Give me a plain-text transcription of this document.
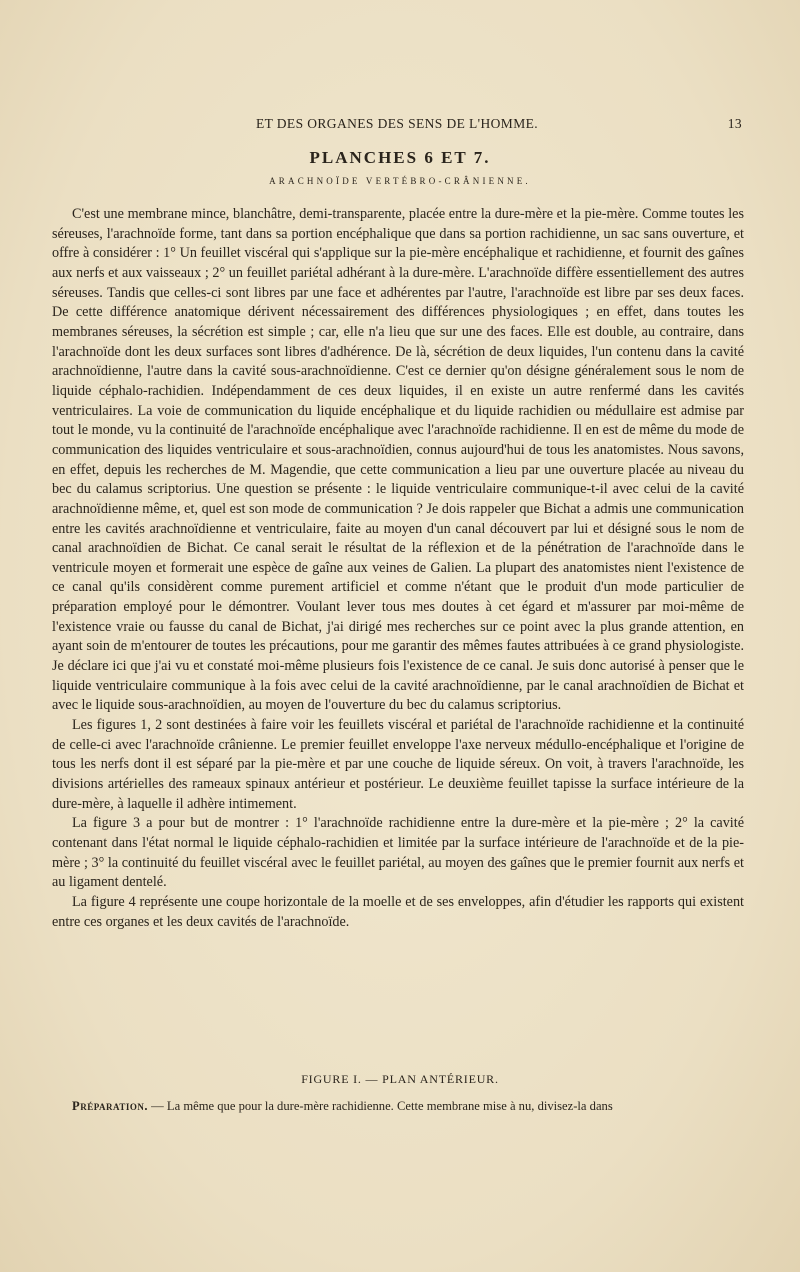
ET DES ORGANES DES SENS DE L'HOMME.	13
PLANCHES 6 ET 7.
ARACHNOÏDE VERTÉBRO-CRÂNIENNE.

C'est une membrane mince, blanchâtre, demi-transparente, placée entre la dure-mère et la pie-mère. Comme toutes les séreuses, l'arachnoïde forme, tant dans sa portion encéphalique que dans sa portion rachidienne, un sac sans ouverture, et offre à considérer : 1° Un feuillet viscéral qui s'applique sur la pie-mère encéphalique et rachidienne, et fournit des gaînes aux nerfs et aux vaisseaux ; 2° un feuillet pariétal adhérant à la dure-mère. L'arachnoïde diffère essentiellement des autres séreuses. Tandis que celles-ci sont libres par une face et adhérentes par l'autre, l'arachnoïde est libre par ses deux faces. De cette différence anatomique dérivent nécessairement des différences physiologiques ; en effet, dans toutes les membranes séreuses, la sécrétion est simple ; car, elle n'a lieu que sur une des faces. Elle est double, au contraire, dans l'arachnoïde dont les deux surfaces sont libres d'adhérence. De là, sécrétion de deux liquides, l'un contenu dans la cavité arachnoïdienne, l'autre dans la cavité sous-arachnoïdienne. C'est ce dernier qu'on désigne généralement sous le nom de liquide céphalo-rachidien. Indépendamment de ces deux liquides, il en existe un autre renfermé dans les cavités ventriculaires. La voie de communication du liquide encéphalique et du liquide rachidien ou médullaire est admise par tout le monde, vu la continuité de l'arachnoïde encéphalique avec l'arachnoïde rachidienne. Il en est de même du mode de communication des liquides ventriculaire et sous-arachnoïdien, connus aujourd'hui de tous les anatomistes. Nous savons, en effet, depuis les recherches de M. Magendie, que cette communication a lieu par une ouverture placée au niveau du bec du calamus scriptorius. Une question se présente : le liquide ventriculaire communique-t-il avec celui de la cavité arachnoïdienne même, et, quel est son mode de communication ? Je dois rappeler que Bichat a admis une communication entre les cavités arachnoïdienne et ventriculaire, faite au moyen d'un canal découvert par lui et désigné sous le nom de canal arachnoïdien de Bichat. Ce canal serait le résultat de la réflexion et de la pénétration de l'arachnoïde dans le ventricule moyen et formerait une espèce de gaîne aux veines de Galien. La plupart des anatomistes nient l'existence de ce canal qu'ils considèrent comme purement artificiel et comme n'étant que le produit d'un mode particulier de préparation employé pour le démontrer. Voulant lever tous mes doutes à cet égard et m'assurer par moi-même de l'existence vraie ou fausse du canal de Bichat, j'ai dirigé mes recherches sur ce point avec la plus grande attention, en ayant soin de m'entourer de toutes les précautions, pour me garantir des mêmes fautes attribuées à ce grand physiologiste. Je déclare ici que j'ai vu et constaté moi-même plusieurs fois l'existence de ce canal. Je suis donc autorisé à penser que le liquide ventriculaire communique à la fois avec celui de la cavité arachnoïdienne, par le canal arachnoïdien de Bichat et avec le liquide sous-arachnoïdien, au moyen de l'ouverture du bec du calamus scriptorius.

Les figures 1, 2 sont destinées à faire voir les feuillets viscéral et pariétal de l'arachnoïde rachidienne et la continuité de celle-ci avec l'arachnoïde crânienne. Le premier feuillet enveloppe l'axe nerveux médullo-encéphalique et l'origine de tous les nerfs dont il est séparé par la pie-mère et par une couche de liquide séreux. On voit, à travers l'arachnoïde, les divisions artérielles des rameaux spinaux antérieur et postérieur. Le deuxième feuillet tapisse la surface intérieure de la dure-mère, à laquelle il adhère intimement.

La figure 3 a pour but de montrer : 1° l'arachnoïde rachidienne entre la dure-mère et la pie-mère ; 2° la cavité contenant dans l'état normal le liquide céphalo-rachidien et limitée par la surface intérieure de l'arachnoïde et de la pie-mère ; 3° la continuité du feuillet viscéral avec le feuillet pariétal, au moyen des gaînes que le premier fournit aux nerfs et au ligament dentelé.

La figure 4 représente une coupe horizontale de la moelle et de ses enveloppes, afin d'étudier les rapports qui existent entre ces organes et les deux cavités de l'arachnoïde.

FIGURE I. — PLAN ANTÉRIEUR.
Préparation. — La même que pour la dure-mère rachidienne. Cette membrane mise à nu, divisez-la dans
